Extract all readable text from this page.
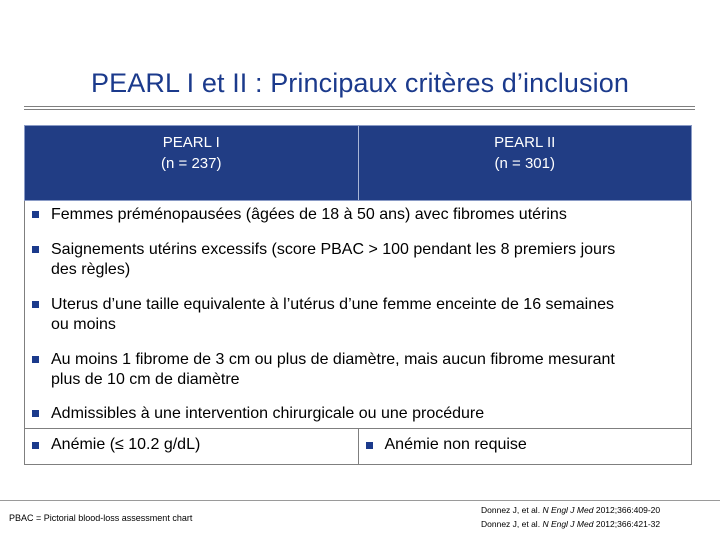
PEARL I et II : Principaux critères d’inclusion
PEARL I
(n = 237)
PEARL II
(n = 301)
Femmes préménopausées (âgées de 18 à 50 ans) avec fibromes utérins
Saignements utérins excessifs (score PBAC > 100 pendant les 8 premiers jours
des règles)
Uterus d’une taille equivalente à l’utérus d’une femme enceinte de 16 semaines
ou moins
Au moins 1 fibrome de 3 cm ou plus de diamètre, mais aucun fibrome mesurant
plus de 10 cm de diamètre
Admissibles à une intervention chirurgicale ou une procédure
Anémie (≤ 10.2 g/dL)	Anémie non requise
PBAC = Pictorial blood-loss assessment chart
Donnez J, et al. N Engl J Med 2012;366:409-20
Donnez J, et al. N Engl J Med 2012;366:421-32
